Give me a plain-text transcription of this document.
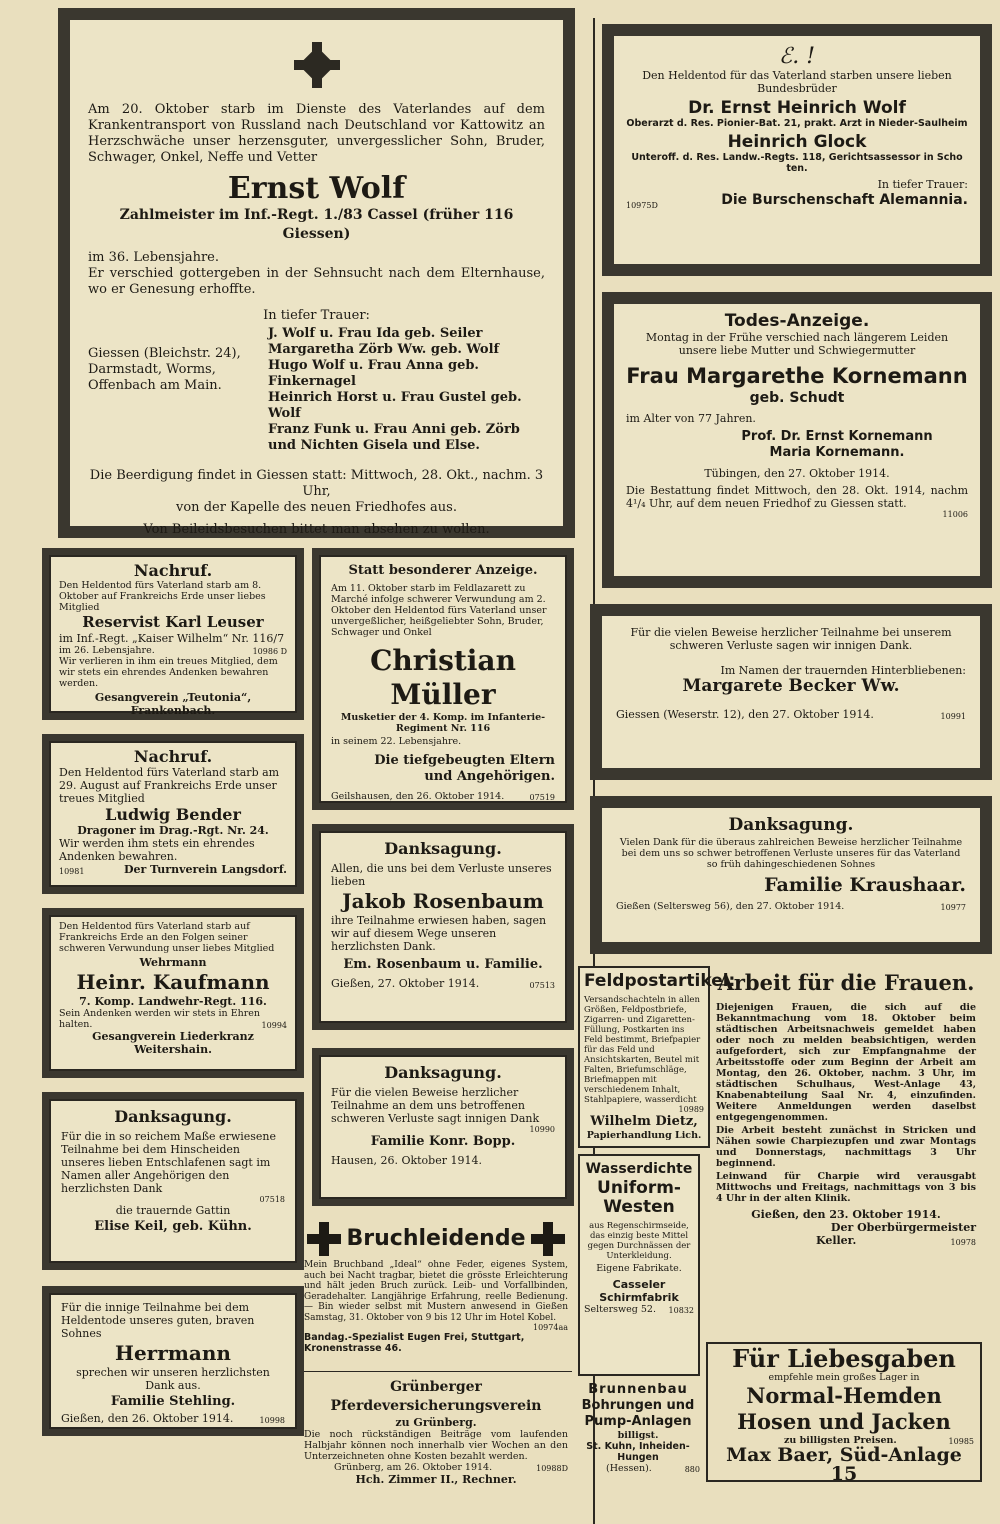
Am 20. Oktober starb im Dienste des Vaterlandes auf dem Krankentransport von Russland nach Deutschland vor Kattowitz an Herzschwäche unser herzensguter, unvergesslicher Sohn, Bruder, Schwager, Onkel, Neffe und Vetter
Ernst Wolf
Zahlmeister im Inf.-Regt. 1./83 Cassel (früher 116 Giessen)
im 36. Lebensjahre.
Er verschied gottergeben in der Sehnsucht nach dem Elternhause, wo er Genesung erhoffte.
In tiefer Trauer:
Giessen (Bleichstr. 24),
Darmstadt, Worms,
Offenbach am Main.
J. Wolf u. Frau Ida geb. Seiler
Margaretha Zörb Ww. geb. Wolf
Hugo Wolf u. Frau Anna geb. Finkernagel
Heinrich Horst u. Frau Gustel geb. Wolf
Franz Funk u. Frau Anni geb. Zörb
und Nichten Gisela und Else.
Die Beerdigung findet in Giessen statt: Mittwoch, 28. Okt., nachm. 3 Uhr,
von der Kapelle des neuen Friedhofes aus.
Von Beileidsbesuchen bittet man absehen zu wollen.
ℰ. !
Den Heldentod für das Vaterland starben unsere lieben Bundesbrüder
Dr. Ernst Heinrich Wolf
Oberarzt d. Res. Pionier-Bat. 21, prakt. Arzt in Nieder-Saulheim
Heinrich Glock
Unteroff. d. Res. Landw.-Regts. 118, Gerichtsassessor in Scho ten.
In tiefer Trauer:
10975D	Die Burschenschaft Alemannia.
Todes-Anzeige.
Montag in der Frühe verschied nach längerem Leiden unsere liebe Mutter und Schwiegermutter
Frau Margarethe Kornemann
geb. Schudt
im Alter von 77 Jahren.
Prof. Dr. Ernst Kornemann
Maria Kornemann.
Tübingen, den 27. Oktober 1914.
Die Bestattung findet Mittwoch, den 28. Okt. 1914, nachm 4¹/₄ Uhr, auf dem neuen Friedhof zu Giessen statt.
11006
Nachruf.
Den Heldentod fürs Vaterland starb am 8. Oktober auf Frankreichs Erde unser liebes Mitglied
Reservist Karl Leuser
im Inf.-Regt. „Kaiser Wilhelm“ Nr. 116/7
im 26. Lebensjahre.	10986 D
Wir verlieren in ihm ein treues Mitglied, dem wir stets ein ehrendes Andenken bewahren werden.
Gesangverein „Teutonia“, Frankenbach.
Statt besonderer Anzeige.
Am 11. Oktober starb im Feldlazarett zu Marché infolge schwerer Verwundung am 2. Oktober den Heldentod fürs Vaterland unser unvergeßlicher, heißgeliebter Sohn, Bruder, Schwager und Onkel
Christian Müller
Musketier der 4. Komp. im Infanterie-Regiment Nr. 116
in seinem 22. Lebensjahre.
Die tiefgebeugten Eltern
und Angehörigen.
Geilshausen, den 26. Oktober 1914.	07519
Nachruf.
Den Heldentod fürs Vaterland starb am 29. August auf Frankreichs Erde unser treues Mitglied
Ludwig Bender
Dragoner im Drag.-Rgt. Nr. 24.
Wir werden ihm stets ein ehrendes Andenken bewahren.
10981	Der Turnverein Langsdorf.
Für die vielen Beweise herzlicher Teilnahme bei unserem schweren Verluste sagen wir innigen Dank.
Im Namen der trauernden Hinterbliebenen:
Margarete Becker Ww.
Giessen (Weserstr. 12), den 27. Oktober 1914.	10991
Danksagung.
Vielen Dank für die überaus zahlreichen Beweise herzlicher Teilnahme bei dem uns so schwer betroffenen Verluste unseres für das Vaterland so früh dahingeschiedenen Sohnes
Familie Kraushaar.
Gießen (Seltersweg 56), den 27. Oktober 1914.	10977
Danksagung.
Allen, die uns bei dem Verluste unseres lieben
Jakob Rosenbaum
ihre Teilnahme erwiesen haben, sagen wir auf diesem Wege unseren herzlichsten Dank.
Em. Rosenbaum u. Familie.
Gießen, 27. Oktober 1914.	07513
Den Heldentod fürs Vaterland starb auf Frankreichs Erde an den Folgen seiner schweren Verwundung unser liebes Mitglied
Wehrmann
Heinr. Kaufmann
7. Komp. Landwehr-Regt. 116.
Sein Andenken werden wir stets in Ehren halten.	10994
Gesangverein Liederkranz Weitershain.
Feldpostartikel:
Versandschachteln in allen Größen, Feldpostbriefe, Zigarren- und Zigaretten-Füllung, Postkarten ins Feld bestimmt, Briefpapier für das Feld und Ansichtskarten, Beutel mit Falten, Briefumschläge, Briefmappen mit verschiedenem Inhalt, Stahlpapiere, wasserdicht
10989
Wilhelm Dietz,
Papierhandlung Lich.
Arbeit für die Frauen.
Diejenigen Frauen, die sich auf die Bekanntmachung vom 18. Oktober beim städtischen Arbeitsnachweis gemeldet haben oder noch zu melden beabsichtigen, werden aufgefordert, sich zur Empfangnahme der Arbeitsstoffe oder zum Beginn der Arbeit am Montag, den 26. Oktober, nachm. 3 Uhr, im städtischen Schulhaus, West-Anlage 43, Knabenabteilung Saal Nr. 4, einzufinden. Weitere Anmeldungen werden daselbst entgegengenommen.
Die Arbeit besteht zunächst in Stricken und Nähen sowie Charpiezupfen und zwar Montags und Donnerstags, nachmittags 3 Uhr beginnend.
Leinwand für Charpie wird verausgabt Mittwochs und Freitags, nachmittags von 3 bis 4 Uhr in der alten Klinik.
Gießen, den 23. Oktober 1914.
Der Oberbürgermeister
Keller.	10978
Danksagung.
Für die vielen Beweise herzlicher Teilnahme an dem uns betroffenen schweren Verluste sagt innigen Dank
10990
Familie Konr. Bopp.
Hausen, 26. Oktober 1914.
Danksagung.
Für die in so reichem Maße erwiesene Teilnahme bei dem Hinscheiden unseres lieben Entschlafenen sagt im Namen aller Angehörigen den herzlichsten Dank
07518
die trauernde Gattin
Elise Keil, geb. Kühn.
Wasserdichte
Uniform-
Westen
aus Regenschirmseide, das einzig beste Mittel gegen Durchnässen der Unterkleidung.
Eigene Fabrikate.
Casseler Schirmfabrik
Seltersweg 52. 10832
Bruchleidende
Mein Bruchband „Ideal“ ohne Feder, eigenes System, auch bei Nacht tragbar, bietet die grösste Erleichterung und hält jeden Bruch zurück. Leib- und Vorfallbinden, Geradehalter. Langjährige Erfahrung, reelle Bedienung. — Bin wieder selbst mit Mustern anwesend in Gießen Samstag, 31. Oktober von 9 bis 12 Uhr im Hotel Kobel.
10974aa
Bandag.-Spezialist Eugen Frei, Stuttgart, Kronenstrasse 46.
Für die innige Teilnahme bei dem Heldentode unseres guten, braven Sohnes
Herrmann
sprechen wir unseren herzlichsten Dank aus.
Familie Stehling.
Gießen, den 26. Oktober 1914.	10998
Grünberger Pferdeversicherungsverein
zu Grünberg.
Die noch rückständigen Beiträge vom laufenden Halbjahr können noch innerhalb vier Wochen an den Unterzeichneten ohne Kosten bezahlt werden.
Grünberg, am 26. Oktober 1914.	10988D
Hch. Zimmer II., Rechner.
Brunnenbau
Bohrungen und
Pump-Anlagen
billigst.
St. Kuhn, Inheiden-Hungen
(Hessen).	880
Für Liebesgaben
empfehle mein großes Lager in
Normal-Hemden
Hosen und Jacken
zu billigsten Preisen.	10985
Max Baer, Süd-Anlage 15
